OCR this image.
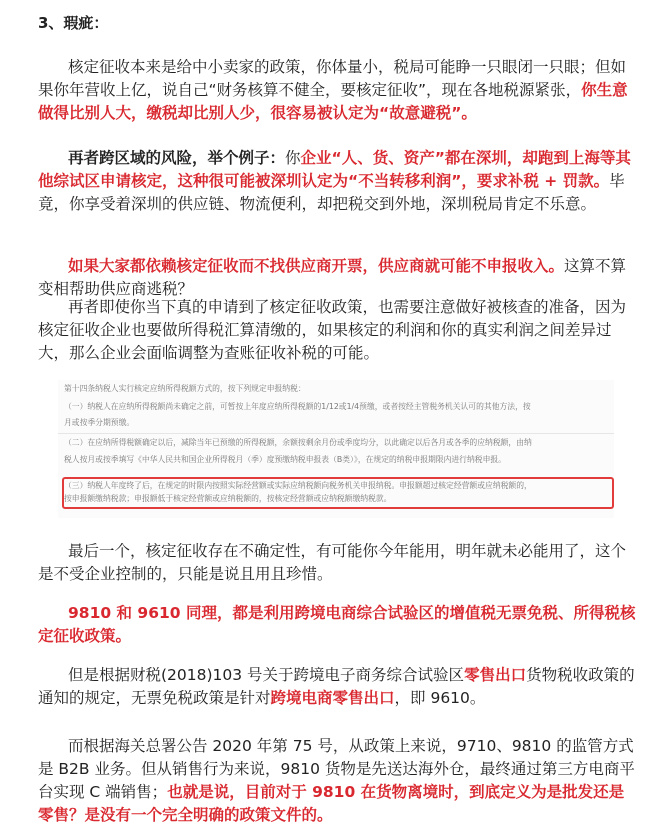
3、瑕疵：

核定征收本来是给中小卖家的政策，你体量小，税局可能睁一只眼闭一只眼；但如果你年营收上亿，说自己“财务核算不健全，要核定征收”，现在各地税源紧张，你生意做得比别人大，缴税却比别人少，很容易被认定为“故意避税”。

再者跨区域的风险，举个例子：你企业“人、货、资产”都在深圳，却跑到上海等其他综试区申请核定，这种很可能被深圳认定为“不当转移利润”，要求补税 + 罚款。毕竟，你享受着深圳的供应链、物流便利，却把税交到外地，深圳税局肯定不乐意。

如果大家都依赖核定征收而不找供应商开票，供应商就可能不申报收入。这算不算变相帮助供应商逃税？

再者即使你当下真的申请到了核定征收政策，也需要注意做好被核查的准备，因为核定征收企业也要做所得税汇算清缴的，如果核定的利润和你的真实利润之间差异过大，那么企业会面临调整为查账征收补税的可能。

第十四条纳税人实行核定应纳所得税额方式的，按下列规定申报纳税：
（一）纳税人在应纳所得税额尚未确定之前，可暂按上年度应纳所得税额的1/12或1/4预缴，或者按经主管税务机关认可的其他方法，按
月或按季分期预缴。
（二）在应纳所得税额确定以后，减除当年已预缴的所得税额，余额按剩余月份或季度均分，以此确定以后各月或各季的应纳税额，由纳
税人按月或按季填写《中华人民共和国企业所得税月（季）度预缴纳税申报表（B类）》，在规定的纳税申报期限内进行纳税申报。
（三）纳税人年度终了后，在规定的时限内按照实际经营额或实际应纳税额向税务机关申报纳税。申报额超过核定经营额或应纳税额的，
按申报额缴纳税款；申报额低于核定经营额或应纳税额的，按核定经营额或应纳税额缴纳税款。

最后一个，核定征收存在不确定性，有可能你今年能用，明年就未必能用了，这个是不受企业控制的，只能是说且用且珍惜。

9810 和 9610 同理，都是利用跨境电商综合试验区的增值税无票免税、所得税核定征收政策。

但是根据财税(2018)103 号关于跨境电子商务综合试验区零售出口货物税收政策的通知的规定，无票免税政策是针对跨境电商零售出口，即 9610。

而根据海关总署公告 2020 年第 75 号，从政策上来说，9710、9810 的监管方式是 B2B 业务。但从销售行为来说，9810 货物是先送达海外仓，最终通过第三方电商平台实现 C 端销售；也就是说，目前对于 9810 在货物离境时，到底定义为是批发还是零售？是没有一个完全明确的政策文件的。
